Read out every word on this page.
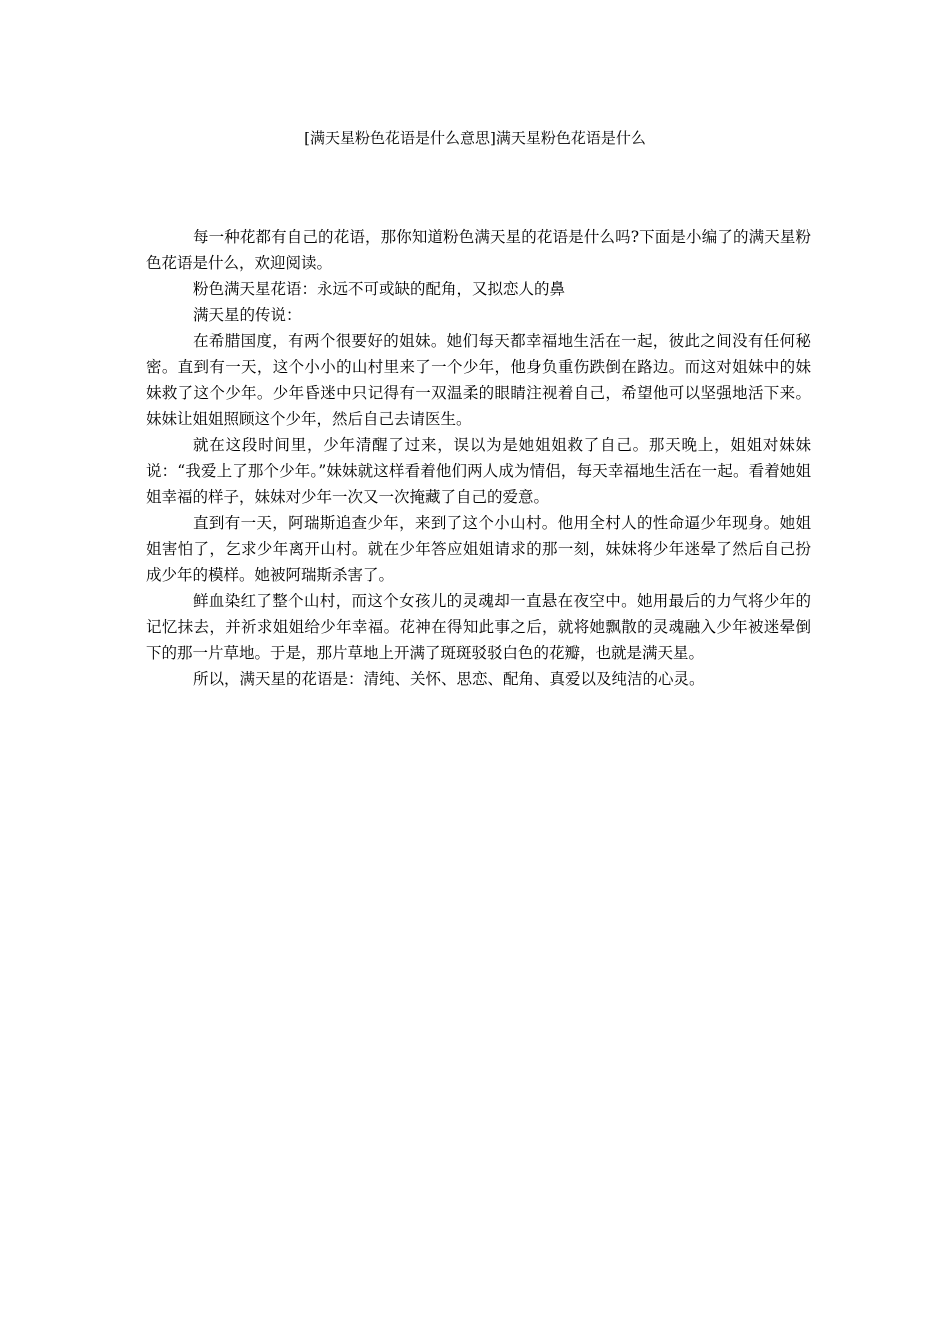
[满天星粉色花语是什么意思]满天星粉色花语是什么

每一种花都有自己的花语，那你知道粉色满天星的花语是什么吗?下面是小编了的满天星粉色花语是什么，欢迎阅读。

粉色满天星花语：永远不可或缺的配角，又拟恋人的鼻

满天星的传说：

在希腊国度，有两个很要好的姐妹。她们每天都幸福地生活在一起，彼此之间没有任何秘密。直到有一天，这个小小的山村里来了一个少年，他身负重伤跌倒在路边。而这对姐妹中的妹妹救了这个少年。少年昏迷中只记得有一双温柔的眼睛注视着自己，希望他可以坚强地活下来。妹妹让姐姐照顾这个少年，然后自己去请医生。

就在这段时间里，少年清醒了过来，误以为是她姐姐救了自己。那天晚上，姐姐对妹妹说：“我爱上了那个少年。”妹妹就这样看着他们两人成为情侣，每天幸福地生活在一起。看着她姐姐幸福的样子，妹妹对少年一次又一次掩藏了自己的爱意。

直到有一天，阿瑞斯追查少年，来到了这个小山村。他用全村人的性命逼少年现身。她姐姐害怕了，乞求少年离开山村。就在少年答应姐姐请求的那一刻，妹妹将少年迷晕了然后自己扮成少年的模样。她被阿瑞斯杀害了。

鲜血染红了整个山村，而这个女孩儿的灵魂却一直悬在夜空中。她用最后的力气将少年的记忆抹去，并祈求姐姐给少年幸福。花神在得知此事之后，就将她飘散的灵魂融入少年被迷晕倒下的那一片草地。于是，那片草地上开满了斑斑驳驳白色的花瓣，也就是满天星。

所以，满天星的花语是：清纯、关怀、思恋、配角、真爱以及纯洁的心灵。
